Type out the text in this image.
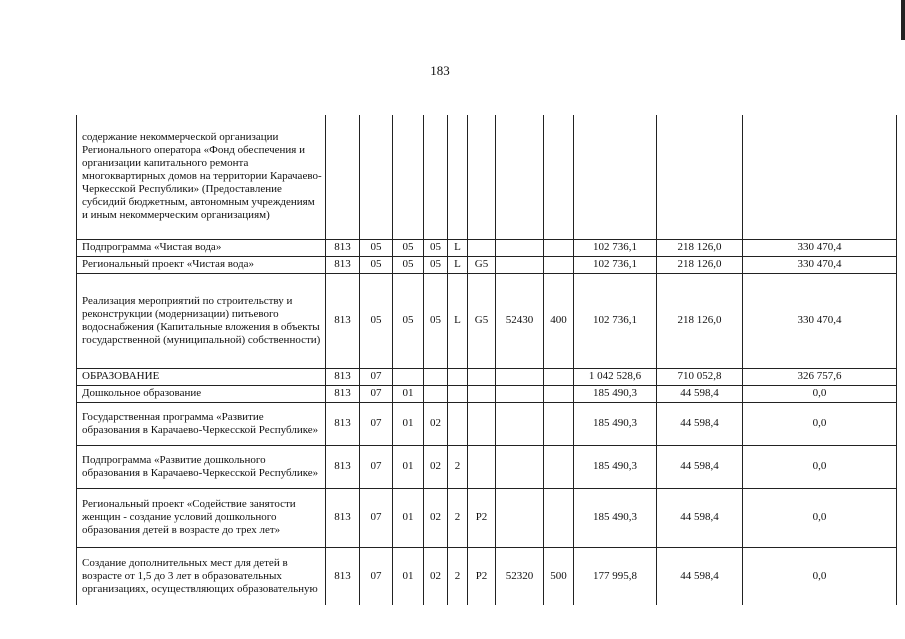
183
содержание некоммерческой организации Регионального оператора «Фонд обеспечения и организации капитального ремонта многоквартирных домов на территории Карачаево-Черкесской Республики» (Предоставление субсидий бюджетным, автономным учреждениям и иным некоммерческим организациям)											
Подпрограмма «Чистая вода»	813	05	05	05	L				102 736,1	218 126,0	330 470,4
Региональный проект «Чистая вода»	813	05	05	05	L	G5			102 736,1	218 126,0	330 470,4
Реализация мероприятий по строительству и реконструкции (модернизации) питьевого водоснабжения (Капитальные вложения в объекты государственной (муниципальной) собственности)	813	05	05	05	L	G5	52430	400	102 736,1	218 126,0	330 470,4
ОБРАЗОВАНИЕ	813	07							1 042 528,6	710 052,8	326 757,6
Дошкольное образование	813	07	01						185 490,3	44 598,4	0,0
Государственная программа «Развитие образования в Карачаево-Черкесской Республике»	813	07	01	02					185 490,3	44 598,4	0,0
Подпрограмма «Развитие дошкольного образования в Карачаево-Черкесской Республике»	813	07	01	02	2				185 490,3	44 598,4	0,0
Региональный проект «Содействие занятости женщин - создание условий дошкольного образования детей в возрасте до трех лет»	813	07	01	02	2	P2			185 490,3	44 598,4	0,0
Создание дополнительных мест для детей в возрасте от 1,5 до 3 лет в образовательных организациях, осуществляющих образовательную	813	07	01	02	2	P2	52320	500	177 995,8	44 598,4	0,0
